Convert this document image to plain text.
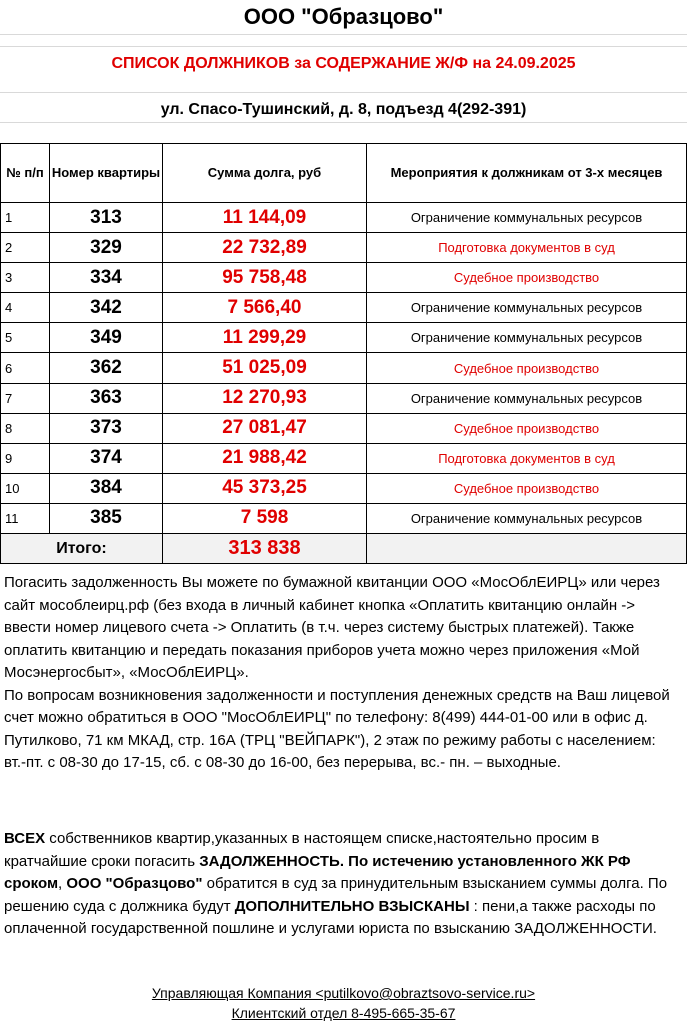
ООО "Образцово"
СПИСОК ДОЛЖНИКОВ за СОДЕРЖАНИЕ Ж/Ф на 24.09.2025
ул. Спасо-Тушинский, д. 8, подъезд 4(292-391)
№ п/п	Номер квартиры	Сумма долга, руб	Мероприятия к должникам от 3-х месяцев
1	313	11 144,09	Ограничение коммунальных ресурсов
2	329	22 732,89	Подготовка документов в суд
3	334	95 758,48	Судебное производство
4	342	7 566,40	Ограничение коммунальных ресурсов
5	349	11 299,29	Ограничение коммунальных ресурсов
6	362	51 025,09	Судебное производство
7	363	12 270,93	Ограничение коммунальных ресурсов
8	373	27 081,47	Судебное производство
9	374	21 988,42	Подготовка документов в суд
10	384	45 373,25	Судебное производство
11	385	7 598	Ограничение коммунальных ресурсов
Итого:		313 838	
Погасить задолженность Вы можете по бумажной квитанции ООО «МосОблЕИРЦ» или через сайт мособлеирц.рф (без входа в личный кабинет кнопка «Оплатить квитанцию онлайн -> ввести номер лицевого счета -> Оплатить (в т.ч. через систему быстрых платежей). Также оплатить квитанцию и передать показания приборов учета можно через приложения «Мой Мосэнергосбыт», «МосОблЕИРЦ».
По вопросам возникновения задолженности и поступления денежных средств на Ваш лицевой счет можно обратиться в ООО "МосОблЕИРЦ" по телефону: 8(499) 444-01-00 или в офис д. Путилково, 71 км МКАД, стр. 16А (ТРЦ "ВЕЙПАРК"), 2 этаж по режиму работы с населением: вт.-пт. с 08-30 до 17-15, сб. с 08-30 до 16-00, без перерыва, вс.- пн. – выходные.
ВСЕХ собственников квартир,указанных в настоящем списке,настоятельно просим в кратчайшие сроки погасить ЗАДОЛЖЕННОСТЬ. По истечению установленного ЖК РФ сроком, ООО "Образцово" обратится в суд за принудительным взысканием суммы долга. По решению суда с должника будут ДОПОЛНИТЕЛЬНО ВЗЫСКАНЫ : пени,а также расходы по оплаченной государственной пошлине и услугами юриста по взысканию ЗАДОЛЖЕННОСТИ.
Управляющая Компания <putilkovo@obraztsovo-service.ru>
Клиентский отдел 8-495-665-35-67
